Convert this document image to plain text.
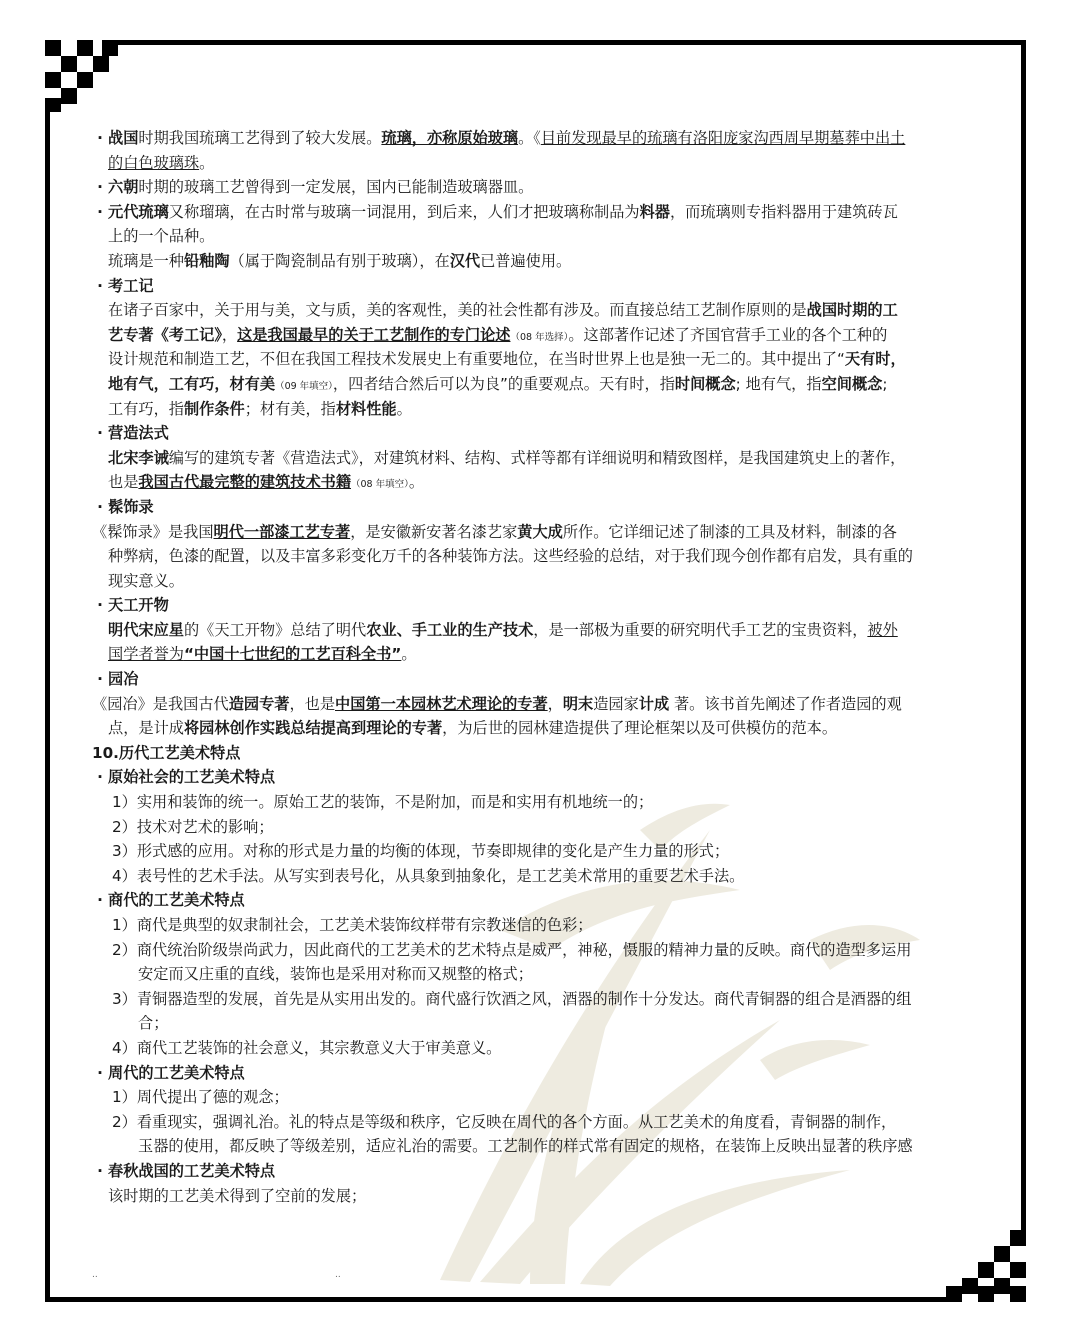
· 战国时期我国琉璃工艺得到了较大发展。琉璃，亦称原始玻璃。《目前发现最早的琉璃有洛阳庞家沟西周早期墓葬中出土
的白色玻璃珠。
· 六朝时期的玻璃工艺曾得到一定发展，国内已能制造玻璃器皿。
· 元代琉璃又称瑠璃，在古时常与玻璃一词混用，到后来，人们才把玻璃称制品为料器，而琉璃则专指料器用于建筑砖瓦
上的一个品种。
琉璃是一种铅釉陶（属于陶瓷制品有别于玻璃），在汉代已普遍使用。
· 考工记
在诸子百家中，关于用与美，文与质，美的客观性，美的社会性都有涉及。而直接总结工艺制作原则的是战国时期的工
艺专著《考工记》，这是我国最早的关于工艺制作的专门论述（08 年选择）。这部著作记述了齐国官营手工业的各个工种的
设计规范和制造工艺，不但在我国工程技术发展史上有重要地位，在当时世界上也是独一无二的。其中提出了“天有时，
地有气，工有巧，材有美（09 年填空），四者结合然后可以为良”的重要观点。天有时，指时间概念; 地有气，指空间概念;
工有巧，指制作条件；材有美，指材料性能。
· 营造法式
北宋李诫编写的建筑专著《营造法式》，对建筑材料、结构、式样等都有详细说明和精致图样，是我国建筑史上的著作，
也是我国古代最完整的建筑技术书籍（08 年填空）。
· 髹饰录
《髹饰录》是我国明代一部漆工艺专著，是安徽新安著名漆艺家黄大成所作。它详细记述了制漆的工具及材料，制漆的各
种弊病，色漆的配置，以及丰富多彩变化万千的各种装饰方法。这些经验的总结，对于我们现今创作都有启发，具有重的
现实意义。
· 天工开物
明代宋应星的《天工开物》总结了明代农业、手工业的生产技术，是一部极为重要的研究明代手工艺的宝贵资料，被外
国学者誉为“中国十七世纪的工艺百科全书”。
· 园冶
《园冶》是我国古代造园专著，也是中国第一本园林艺术理论的专著，明末造园家计成 著。该书首先阐述了作者造园的观
点，是计成将园林创作实践总结提高到理论的专著，为后世的园林建造提供了理论框架以及可供模仿的范本。
10.历代工艺美术特点
· 原始社会的工艺美术特点
1）实用和装饰的统一。原始工艺的装饰，不是附加，而是和实用有机地统一的；
2）技术对艺术的影响；
3）形式感的应用。对称的形式是力量的均衡的体现，节奏即规律的变化是产生力量的形式；
4）表号性的艺术手法。从写实到表号化，从具象到抽象化，是工艺美术常用的重要艺术手法。
· 商代的工艺美术特点
1）商代是典型的奴隶制社会，工艺美术装饰纹样带有宗教迷信的色彩；
2）商代统治阶级崇尚武力，因此商代的工艺美术的艺术特点是威严，神秘，慑服的精神力量的反映。商代的造型多运用
安定而又庄重的直线，装饰也是采用对称而又规整的格式；
3）青铜器造型的发展，首先是从实用出发的。商代盛行饮酒之风，酒器的制作十分发达。商代青铜器的组合是酒器的组
合；
4）商代工艺装饰的社会意义，其宗教意义大于审美意义。
· 周代的工艺美术特点
1）周代提出了德的观念；
2）看重现实，强调礼治。礼的特点是等级和秩序，它反映在周代的各个方面。从工艺美术的角度看，青铜器的制作，
玉器的使用，都反映了等级差别，适应礼治的需要。工艺制作的样式常有固定的规格，在装饰上反映出显著的秩序感
· 春秋战国的工艺美术特点
该时期的工艺美术得到了空前的发展；
..	..
